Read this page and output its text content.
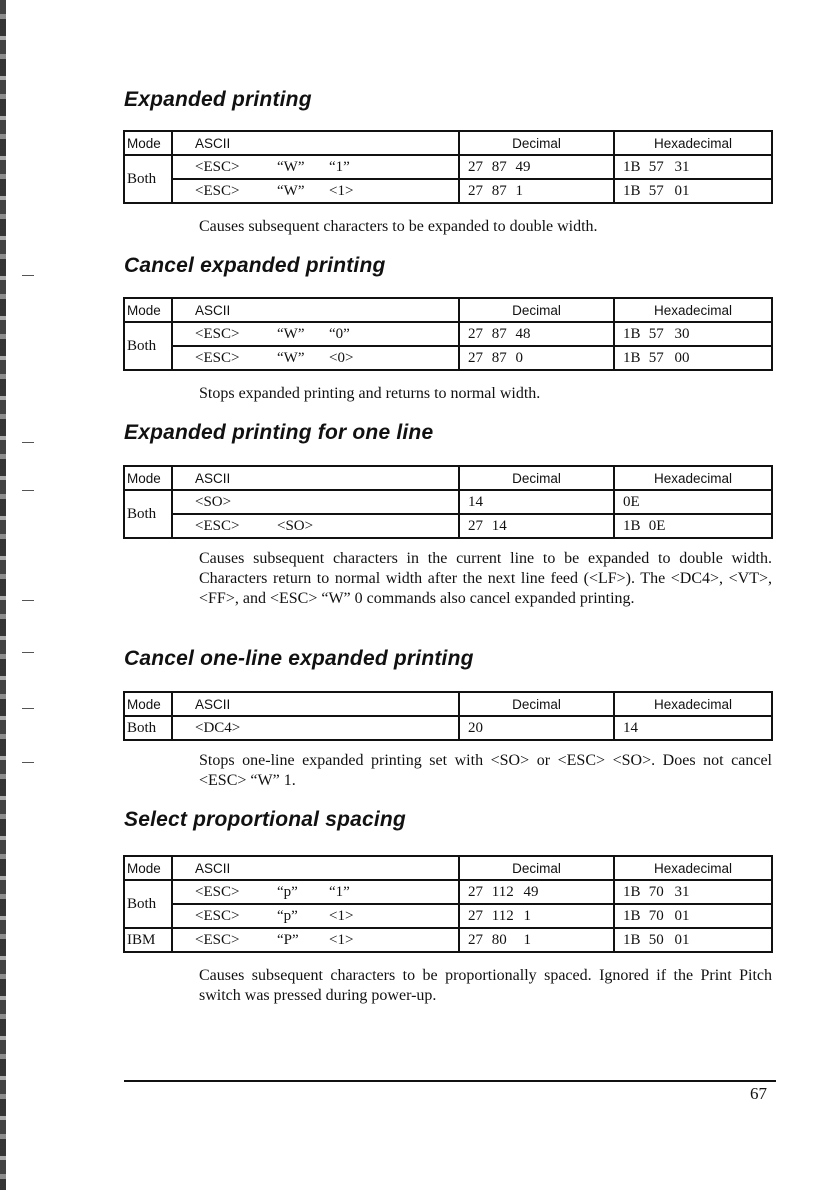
Expanded printing
Mode	ASCII	Decimal	Hexadecimal
Both	<ESC> “W” “1”	27 87 49	1B 57 31
	<ESC> “W” <1>	27 87 1	1B 57 01

Causes subsequent characters to be expanded to double width.

Cancel expanded printing
Mode	ASCII	Decimal	Hexadecimal
Both	<ESC> “W” “0”	27 87 48	1B 57 30
	<ESC> “W” <0>	27 87 0	1B 57 00

Stops expanded printing and returns to normal width.

Expanded printing for one line
Mode	ASCII	Decimal	Hexadecimal
Both	<SO>	14	0E
	<ESC> <SO>	27 14	1B 0E

Causes subsequent characters in the current line to be expanded to double width. Characters return to normal width after the next line feed (<LF>). The <DC4>, <VT>, <FF>, and <ESC> “W” 0 commands also cancel expanded printing.

Cancel one-line expanded printing
Mode	ASCII	Decimal	Hexadecimal
Both	<DC4>	20	14

Stops one-line expanded printing set with <SO> or <ESC> <SO>. Does not cancel <ESC> “W” 1.

Select proportional spacing
Mode	ASCII	Decimal	Hexadecimal
Both	<ESC> “p” “1”	27 112 49	1B 70 31
	<ESC> “p” <1>	27 112 1	1B 70 01
IBM	<ESC> “P” <1>	27 80 1	1B 50 01

Causes subsequent characters to be proportionally spaced. Ignored if the Print Pitch switch was pressed during power-up.

67
